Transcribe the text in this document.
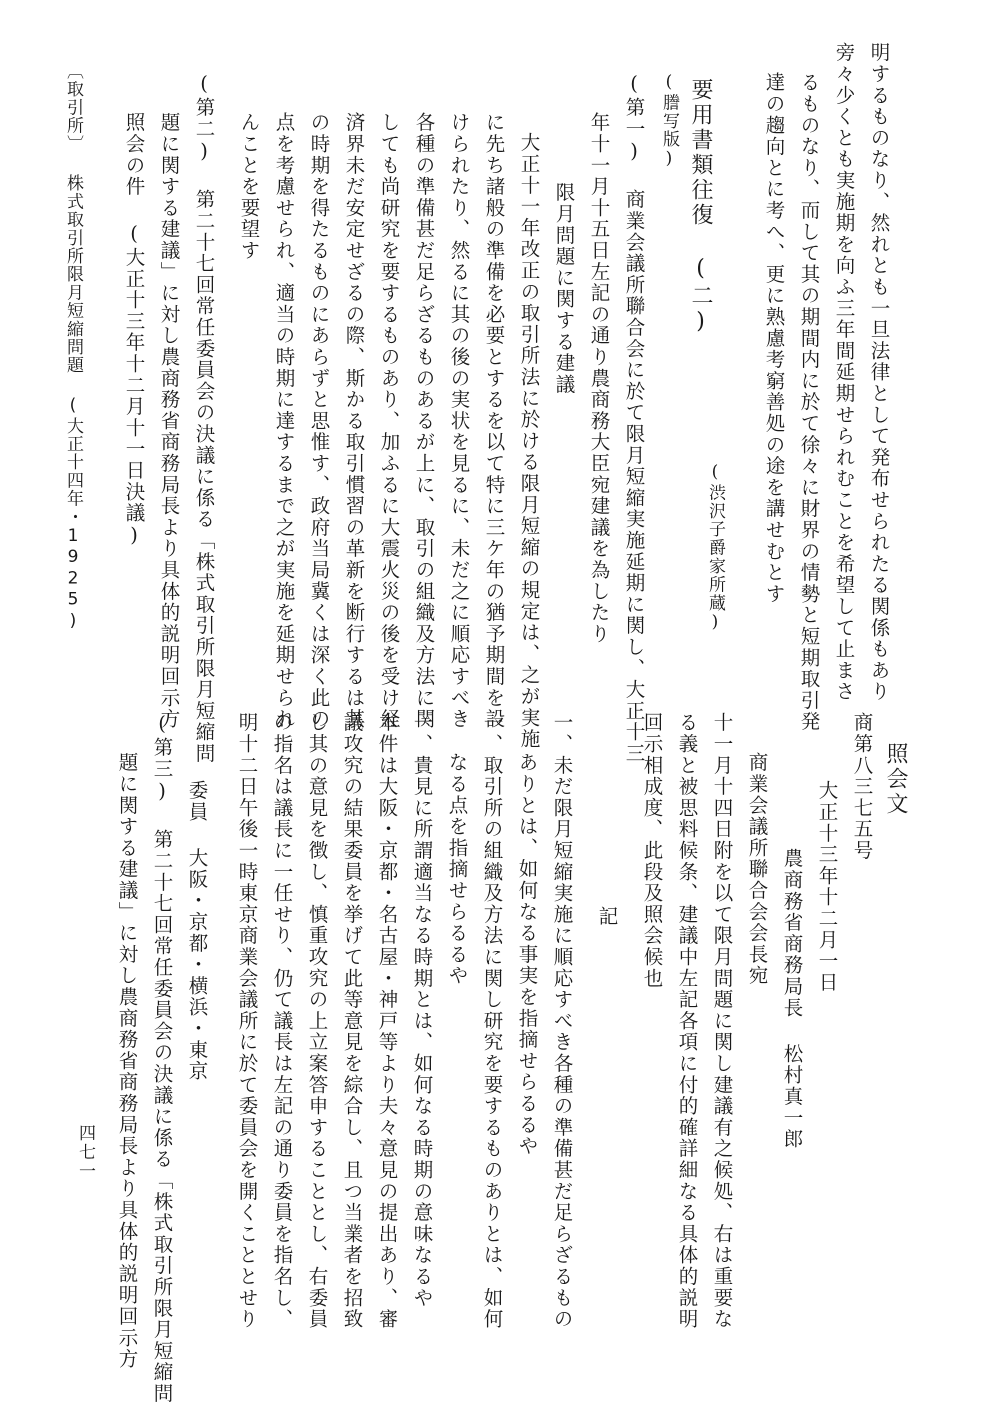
明するものなり、然れとも一旦法律として発布せられたる関係もあり
旁々少くとも実施期を向ふ三年間延期せられむことを希望して止まさ
るものなり、而して其の期間内に於て徐々に財界の情勢と短期取引発
達の趨向とに考へ、更に熟慮考窮善処の途を講せむとす
要用書類往復 (二)
(渋沢子爵家所蔵)
(謄写版)
(第一) 商業会議所聯合会に於て限月短縮実施延期に関し、大正十三
年十一月十五日左記の通り農商務大臣宛建議を為したり
限月問題に関する建議
大正十一年改正の取引所法に於ける限月短縮の規定は、之が実施
に先ち諸般の準備を必要とするを以て特に三ケ年の猶予期間を設
けられたり、然るに其の後の実状を見るに、未だ之に順応すべき
各種の準備甚だ足らざるものあるが上に、取引の組織及方法に関
しても尚研究を要するものあり、加ふるに大震火災の後を受け経
済界未だ安定せざるの際、斯かる取引慣習の革新を断行するは其
の時期を得たるものにあらずと思惟す、政府当局冀くは深く此の
点を考慮せられ、適当の時期に達するまで之が実施を延期せられ
んことを要望す
(第二) 第二十七回常任委員会の決議に係る「株式取引所限月短縮問
題に関する建議」に対し農商務省商務局長より具体的説明回示方
照会の件 (大正十三年十二月十一日決議)
〔取引所〕 株式取引所限月短縮問題 (大正十四年・1925)
照会文
商第八三七五号
大正十三年十二月一日
農商務省商務局長 松村真一郎
商業会議所聯合会会長宛
十一月十四日附を以て限月問題に関し建議有之候処、右は重要な
る義と被思料候条、建議中左記各項に付的確詳細なる具体的説明
回示相成度、此段及照会候也
記
一、未だ限月短縮実施に順応すべき各種の準備甚だ足らざるもの
ありとは、如何なる事実を指摘せらるるや
一、取引所の組織及方法に関し研究を要するものありとは、如何
なる点を指摘せらるるや
一、貴見に所謂適当なる時期とは、如何なる時期の意味なるや
本件は大阪・京都・名古屋・神戸等より夫々意見の提出あり、審
議攻究の結果委員を挙げて此等意見を綜合し、且つ当業者を招致
し其の意見を徴し、慎重攻究の上立案答申することとし、右委員
の指名は議長に一任せり、仍て議長は左記の通り委員を指名し、
明十二日午後一時東京商業会議所に於て委員会を開くこととせり
委員 大阪・京都・横浜・東京
(第三) 第二十七回常任委員会の決議に係る「株式取引所限月短縮問
題に関する建議」に対し農商務省商務局長より具体的説明回示方
四七一
